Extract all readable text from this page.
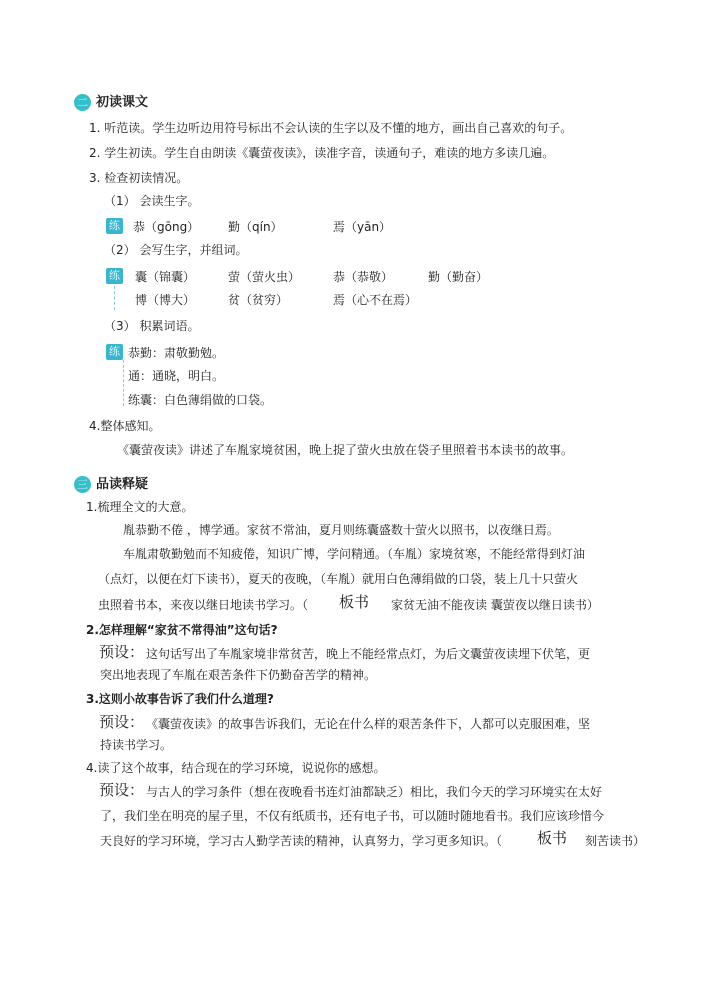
二 初读课文
1. 听范读。学生边听边用符号标出不会认读的生字以及不懂的地方，画出自己喜欢的句子。
2. 学生初读。学生自由朗读《囊萤夜读》，读准字音，读通句子，难读的地方多读几遍。
3. 检查初读情况。
（1） 会读生字。
练 恭（gōng） 勤（qín）	焉（yān）
（2） 会写生字，并组词。
练 囊（锦囊）	萤（萤火虫）	恭（恭敬）	勤（勤奋）
博（博大）	贫（贫穷）	焉（心不在焉）
（3） 积累词语。
练 恭勤：肃敬勤勉。
通：通晓，明白。
练囊：白色薄绢做的口袋。
4.整体感知。
《囊萤夜读》讲述了车胤家境贫困，晚上捉了萤火虫放在袋子里照着书本读书的故事。
三 品读释疑
1.梳理全文的大意。
胤恭勤不倦 ，博学通。家贫不常油，夏月则练囊盛数十萤火以照书，以夜继日焉。
车胤肃敬勤勉而不知疲倦，知识广博，学问精通。（车胤）家境贫寒，不能经常得到灯油
（点灯，以便在灯下读书），夏天的夜晚，（车胤）就用白色薄绢做的口袋，装上几十只萤火
虫照着书本，来夜以继日地读书学习。（ 板书 家贫无油不能夜读 囊萤夜以继日读书）
2.怎样理解“家贫不常得油”这句话?
预设： 这句话写出了车胤家境非常贫苦，晚上不能经常点灯，为后文囊萤夜读埋下伏笔，更
突出地表现了车胤在艰苦条件下仍勤奋苦学的精神。
3.这则小故事告诉了我们什么道理?
预设： 《囊萤夜读》的故事告诉我们，无论在什么样的艰苦条件下，人都可以克服困难，坚
持读书学习。
4.读了这个故事，结合现在的学习环境，说说你的感想。
预设： 与古人的学习条件（想在夜晚看书连灯油都缺乏）相比，我们今天的学习环境实在太好
了，我们坐在明亮的屋子里，不仅有纸质书，还有电子书，可以随时随地看书。我们应该珍惜今
天良好的学习环境，学习古人勤学苦读的精神，认真努力，学习更多知识。（ 板书 刻苦读书）
